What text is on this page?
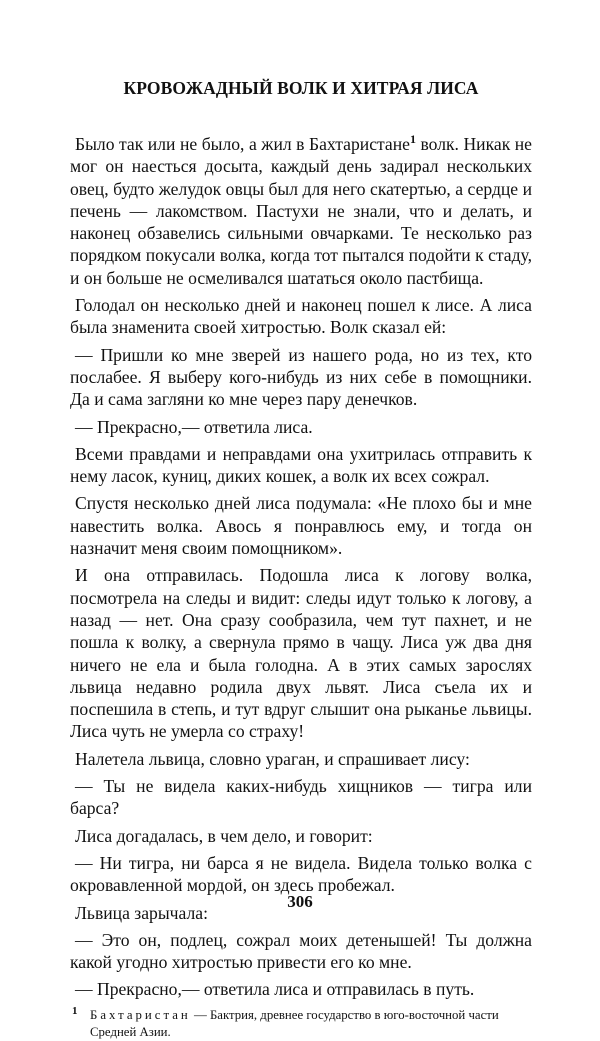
КРОВОЖАДНЫЙ ВОЛК И ХИТРАЯ ЛИСА

Было так или не было, а жил в Бахтаристане$^1$ волк. Никак не мог он наесться досыта, каждый день задирал нескольких овец, будто желудок овцы был для него скатертью, а сердце и печень — лакомством. Пастухи не знали, что и делать, и наконец обзавелись сильными овчарками. Те несколько раз порядком покусали волка, когда тот пытался подойти к стаду, и он больше не осмеливался шататься около пастбища.

Голодал он несколько дней и наконец пошел к лисе. А лиса была знаменита своей хитростью. Волк сказал ей:

— Пришли ко мне зверей из нашего рода, но из тех, кто послабее. Я выберу кого-нибудь из них себе в помощники. Да и сама загляни ко мне через пару денечков.

— Прекрасно,— ответила лиса.

Всеми правдами и неправдами она ухитрилась отправить к нему ласок, куниц, диких кошек, а волк их всех сожрал.

Спустя несколько дней лиса подумала: «Не плохо бы и мне навестить волка. Авось я понравлюсь ему, и тогда он назначит меня своим помощником».

И она отправилась. Подошла лиса к логову волка, посмотрела на следы и видит: следы идут только к логову, а назад — нет. Она сразу сообразила, чем тут пахнет, и не пошла к волку, а свернула прямо в чащу. Лиса уж два дня ничего не ела и была голодна. А в этих самых зарослях львица недавно родила двух львят. Лиса съела их и поспешила в степь, и тут вдруг слышит она рыканье львицы. Лиса чуть не умерла со страху!

Налетела львица, словно ураган, и спрашивает лису:

— Ты не видела каких-нибудь хищников — тигра или барса?

Лиса догадалась, в чем дело, и говорит:

— Ни тигра, ни барса я не видела. Видела только волка с окровавленной мордой, он здесь пробежал.

Львица зарычала:

— Это он, подлец, сожрал моих детенышей! Ты должна какой угодно хитростью привести его ко мне.

— Прекрасно,— ответила лиса и отправилась в путь.

1 Бахтаристан — Бактрия, древнее государство в юго-восточной части Средней Азии.
306
